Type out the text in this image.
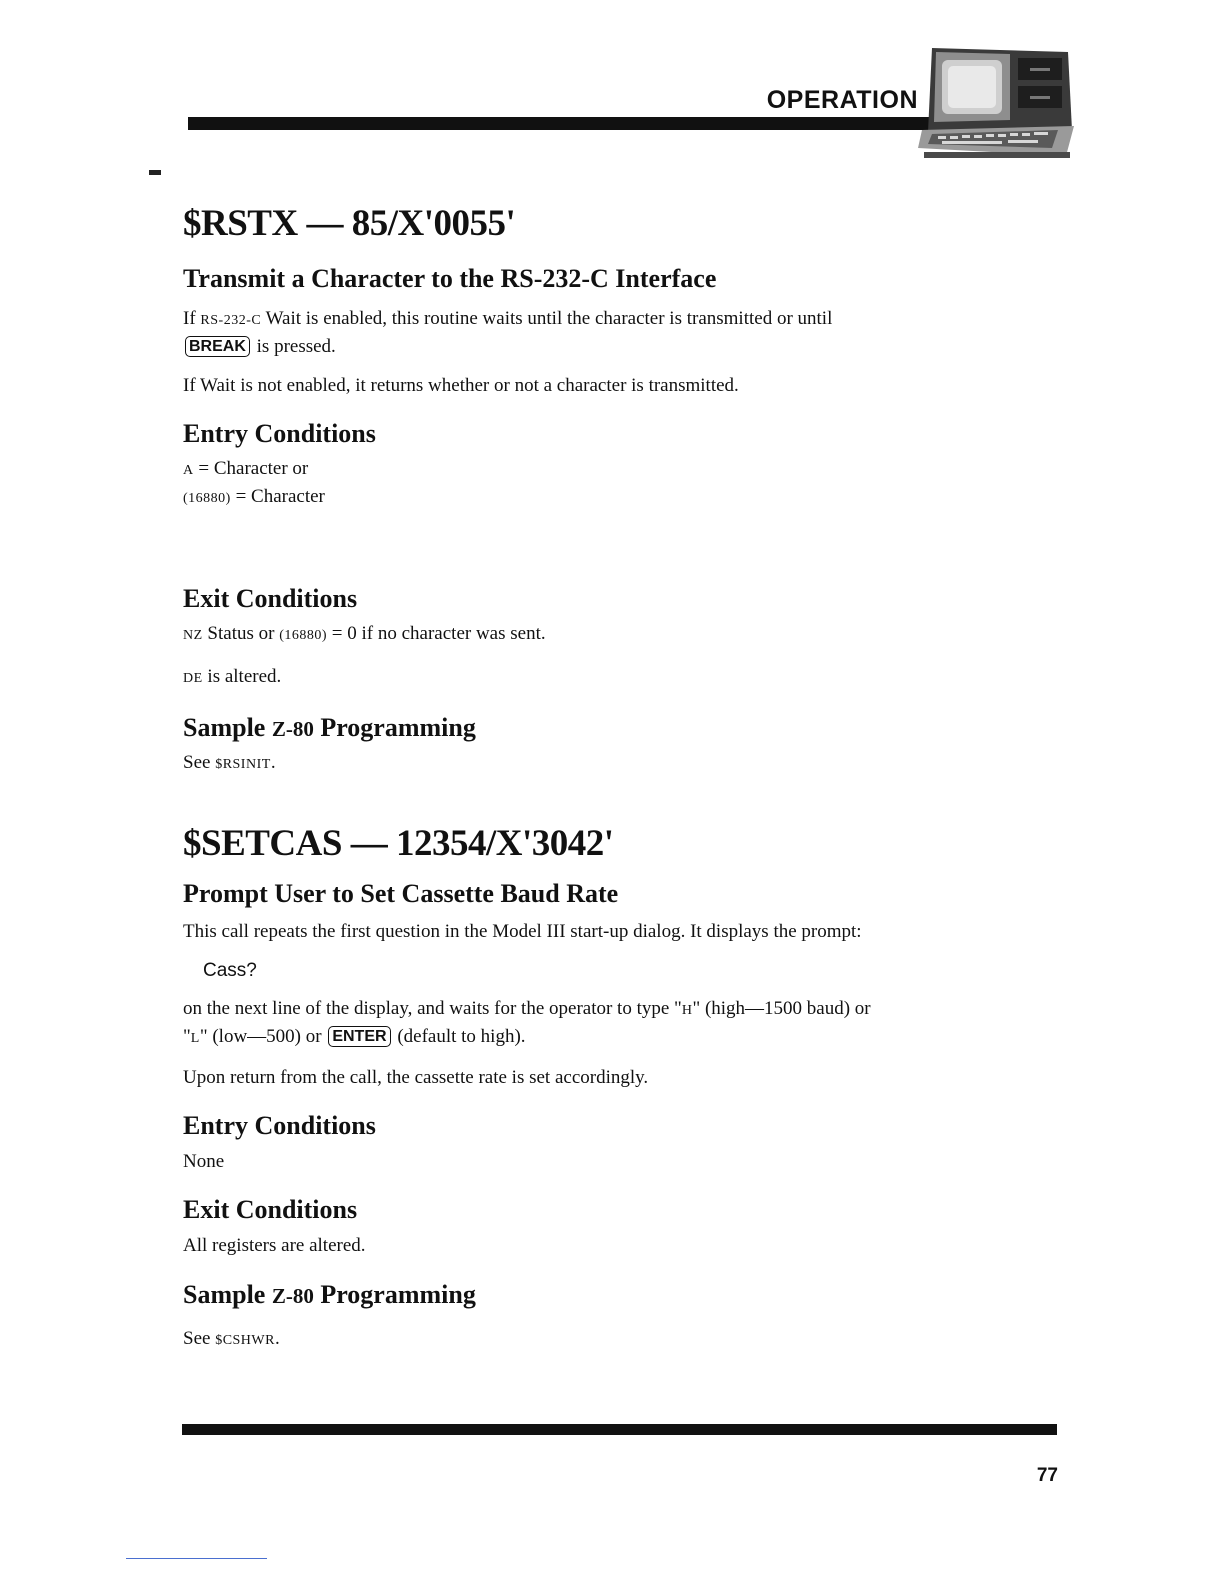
OPERATION
$RSTX — 85/X'0055'
Transmit a Character to the RS-232-C Interface

If RS-232-C Wait is enabled, this routine waits until the character is transmitted or until BREAK is pressed.

If Wait is not enabled, it returns whether or not a character is transmitted.

Entry Conditions

A = Character or

(16880) = Character

Exit Conditions

NZ Status or (16880) = 0 if no character was sent.

DE is altered.

Sample Z-80 Programming

See $RSINIT.

$SETCAS — 12354/X'3042'
Prompt User to Set Cassette Baud Rate

This call repeats the first question in the Model III start-up dialog. It displays the prompt:

Cass?

on the next line of the display, and waits for the operator to type "H" (high—1500 baud) or "L" (low—500) or ENTER (default to high).

Upon return from the call, the cassette rate is set accordingly.

Entry Conditions

None

Exit Conditions

All registers are altered.

Sample Z-80 Programming

See $CSHWR.

77
